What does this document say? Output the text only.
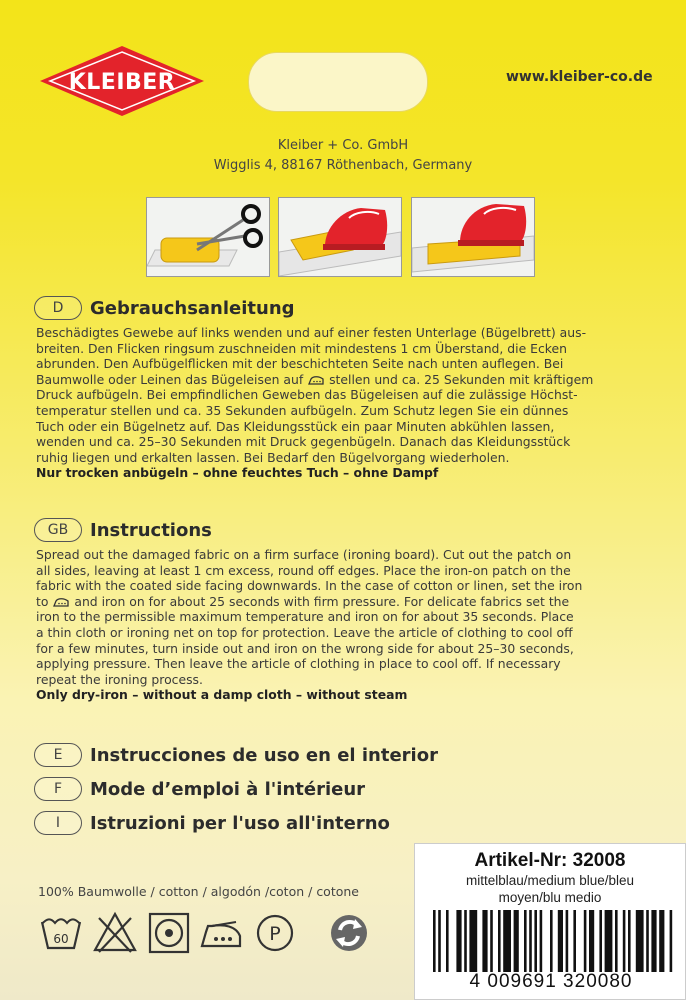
KLEIBER	www.kleiber-co.de
Kleiber + Co. GmbH
Wigglis 4, 88167 Röthenbach, Germany
D	Gebrauchsanleitung
Beschädigtes Gewebe auf links wenden und auf einer festen Unterlage (Bügelbrett) aus-
breiten. Den Flicken ringsum zuschneiden mit mindestens 1 cm Überstand, die Ecken
abrunden. Den Aufbügelflicken mit der beschichteten Seite nach unten auflegen. Bei
Baumwolle oder Leinen das Bügeleisen auf stellen und ca. 25 Sekunden mit kräftigem
Druck aufbügeln. Bei empfindlichen Geweben das Bügeleisen auf die zulässige Höchst-
temperatur stellen und ca. 35 Sekunden aufbügeln. Zum Schutz legen Sie ein dünnes
Tuch oder ein Bügelnetz auf. Das Kleidungsstück ein paar Minuten abkühlen lassen,
wenden und ca. 25–30 Sekunden mit Druck gegenbügeln. Danach das Kleidungsstück
ruhig liegen und erkalten lassen. Bei Bedarf den Bügelvorgang wiederholen.
Nur trocken anbügeln – ohne feuchtes Tuch – ohne Dampf
GB	Instructions
Spread out the damaged fabric on a firm surface (ironing board). Cut out the patch on
all sides, leaving at least 1 cm excess, round off edges. Place the iron-on patch on the
fabric with the coated side facing downwards. In the case of cotton or linen, set the iron
to and iron on for about 25 seconds with firm pressure. For delicate fabrics set the
iron to the permissible maximum temperature and iron on for about 35 seconds. Place
a thin cloth or ironing net on top for protection. Leave the article of clothing to cool off
for a few minutes, turn inside out and iron on the wrong side for about 25–30 seconds,
applying pressure. Then leave the article of clothing in place to cool off. If necessary
repeat the ironing process.
Only dry-iron – without a damp cloth – without steam
E	Instrucciones de uso en el interior
F	Mode d’emploi à l'intérieur
I	Istruzioni per l'uso all'interno
100% Baumwolle / cotton / algodón /coton / cotone
60	P
Artikel-Nr: 32008
mittelblau/medium blue/bleu
moyen/blu medio
4 009691 320080
